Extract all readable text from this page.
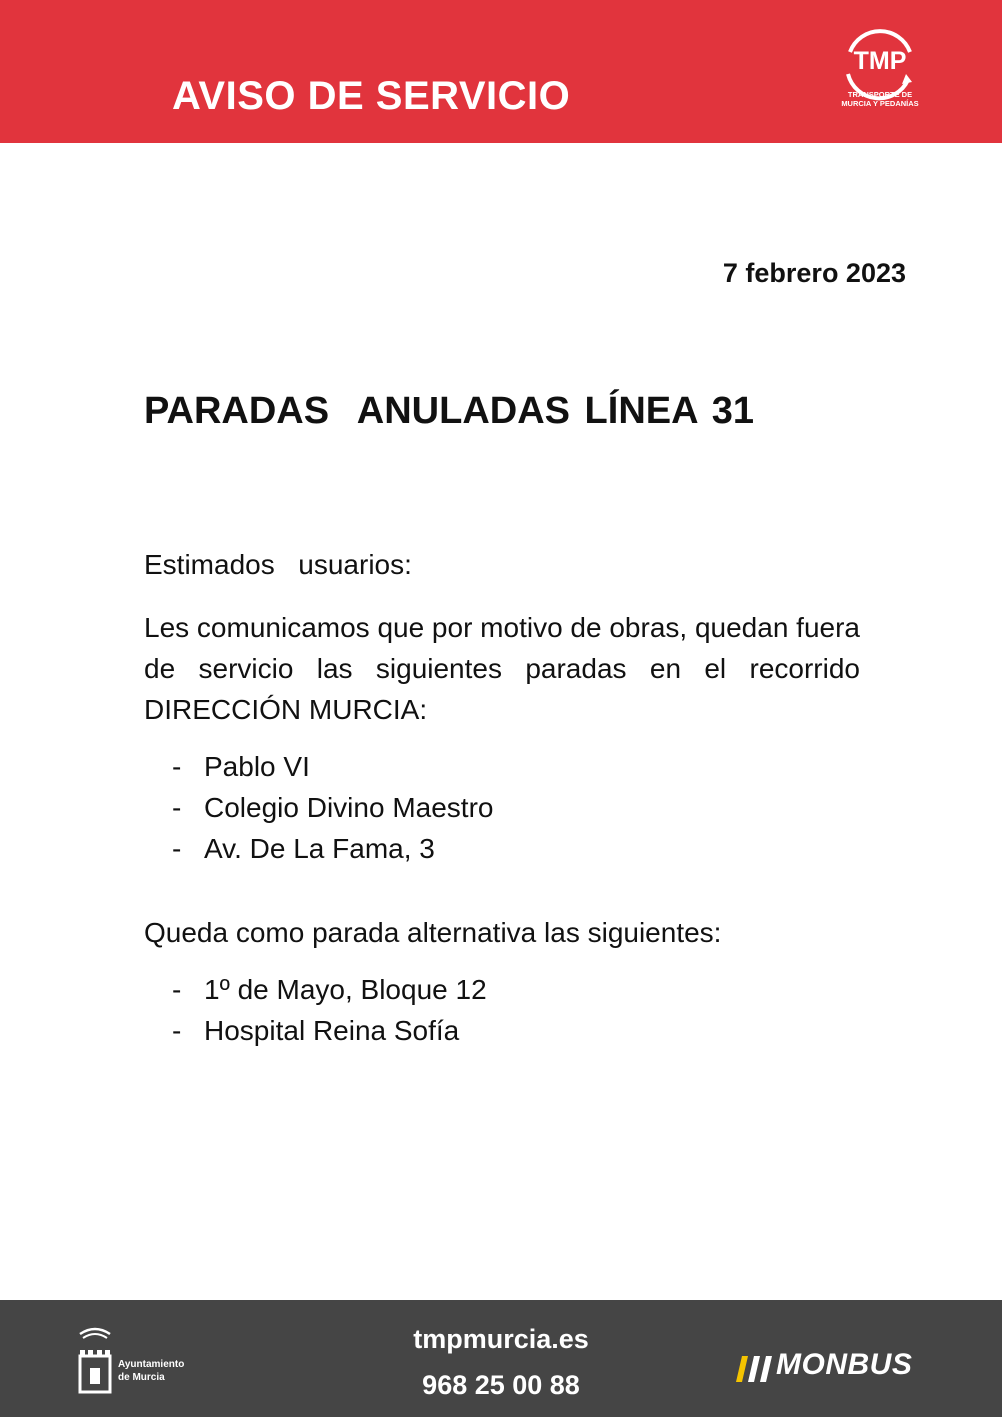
AVISO DE SERVICIO
TMP
TRANSPORTE DE
MURCIA Y PEDANÍAS
7 febrero 2023
PARADAS  ANULADAS LÍNEA 31

Estimados  usuarios:

Les comunicamos que por motivo de obras, quedan fuera de servicio las siguientes paradas en el recorrido DIRECCIÓN MURCIA:

- Pablo VI
- Colegio Divino Maestro
- Av. De La Fama, 3

Queda como parada alternativa las siguientes:

- 1º de Mayo, Bloque 12
- Hospital Reina Sofía
Ayuntamiento
de Murcia
tmpmurcia.es
968 25 00 88
MONBUS
